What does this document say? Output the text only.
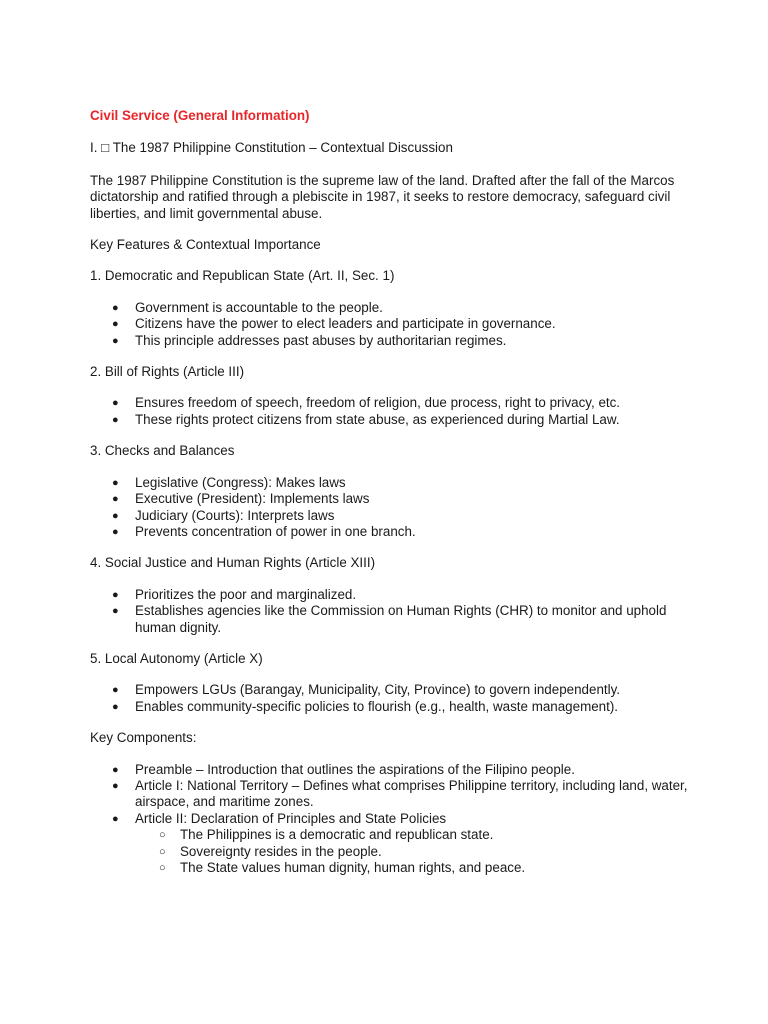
Civil Service (General Information)

I. □ The 1987 Philippine Constitution – Contextual Discussion

The 1987 Philippine Constitution is the supreme law of the land. Drafted after the fall of the Marcos dictatorship and ratified through a plebiscite in 1987, it seeks to restore democracy, safeguard civil liberties, and limit governmental abuse.

Key Features & Contextual Importance

1. Democratic and Republican State (Art. II, Sec. 1)

● Government is accountable to the people.
● Citizens have the power to elect leaders and participate in governance.
● This principle addresses past abuses by authoritarian regimes.

2. Bill of Rights (Article III)

● Ensures freedom of speech, freedom of religion, due process, right to privacy, etc.
● These rights protect citizens from state abuse, as experienced during Martial Law.

3. Checks and Balances

● Legislative (Congress): Makes laws
● Executive (President): Implements laws
● Judiciary (Courts): Interprets laws
● Prevents concentration of power in one branch.

4. Social Justice and Human Rights (Article XIII)

● Prioritizes the poor and marginalized.
● Establishes agencies like the Commission on Human Rights (CHR) to monitor and uphold human dignity.

5. Local Autonomy (Article X)

● Empowers LGUs (Barangay, Municipality, City, Province) to govern independently.
● Enables community-specific policies to flourish (e.g., health, waste management).

Key Components:

● Preamble – Introduction that outlines the aspirations of the Filipino people.
● Article I: National Territory – Defines what comprises Philippine territory, including land, water, airspace, and maritime zones.
● Article II: Declaration of Principles and State Policies
○ The Philippines is a democratic and republican state.
○ Sovereignty resides in the people.
○ The State values human dignity, human rights, and peace.
